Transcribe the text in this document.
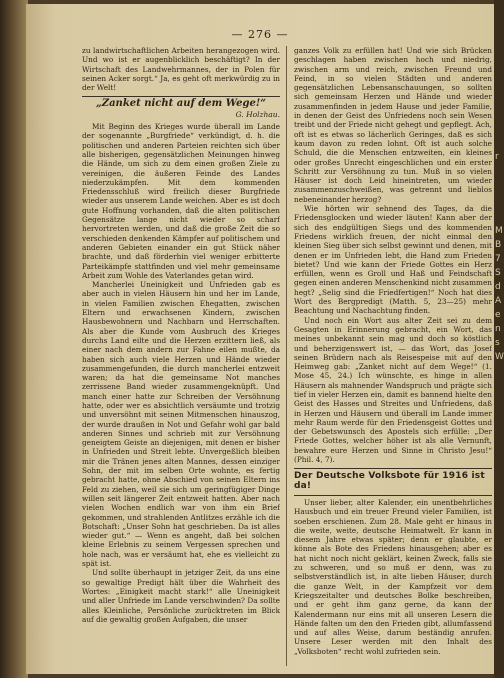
— 276 —

zu landwirtschaftlichen Arbeiten herangezogen wird. Und wo ist er augenblicklich beschäftigt? In der Wirtschaft des Landwehrmannes, der in Polen für seinen Acker sorgt.“ Ja, es geht oft merkwürdig zu in der Welt!

„Zanket nicht auf dem Wege!“
G. Holzhau.

Mit Beginn des Krieges wurde überall im Lande der sogenannte „Burgfriede“ verkündigt, d. h. die politischen und anderen Parteien reichten sich über alle bisherigen, gegensätzlichen Meinungen hinweg die Hände, um sich zu dem einen großen Ziele zu vereinigen, die äußeren Feinde des Landes niederzukämpfen. Mit dem kommenden Friedensschluß wird freilich dieser Burgfriede wieder aus unserem Lande weichen. Aber es ist doch gute Hoffnung vorhanden, daß die alten politischen Gegensätze lange nicht wieder so scharf hervortreten werden, und daß die große Zeit die so verschieden denkenden Kämpfer auf politischem und anderen Gebieten einander ein gut Stück näher brachte, und daß förderhin viel weniger erbitterte Parteikämpfe stattfinden und viel mehr gemeinsame Arbeit zum Wohle des Vaterlandes getan wird.

Mancherlei Uneinigkeit und Unfrieden gab es aber auch in vielen Häusern hin und her im Lande, in vielen Familien zwischen Ehegatten, zwischen Eltern und erwachsenen Kindern, zwischen Hausbewohnern und Nachbarn und Herrschaften. Als aber die Kunde vom Ausbruch des Krieges durchs Land eilte und die Herzen erzittern ließ, als einer nach dem andern zur Fahne eilen mußte, da haben sich auch viele Herzen und Hände wieder zusammengefunden, die durch mancherlei entzweit waren; da hat die gemeinsame Not manches zerrissene Band wieder zusammengeknüpft. Und manch einer hatte zur Schreiben der Versöhnung hatte, oder wer es absichtlich versäumte und trotzig und unversöhnt mit seinen Mitmenschen hinauszog, der wurde draußen in Not und Gefahr wohl gar bald anderen Sinnes und schrieb mit zur Versöhnung geneigtem Geiste an diejenigen, mit denen er bisher in Unfrieden und Streit lebte. Unvergeßlich bleiben mir die Tränen jenes alten Mannes, dessen einziger Sohn, der mit im selben Orte wohnte, es fertig gebracht hatte, ohne Abschied von seinen Eltern ins Feld zu ziehen, weil sie sich um geringfügiger Dinge willen seit längerer Zeit entzweit hatten. Aber nach vielen Wochen endlich war von ihm ein Brief gekommen, und strahlenden Antlitzes erzähle ich die Botschaft: „Unser Sohn hat geschrieben. Da ist alles wieder gut.“ — Wenn es angeht, daß bei solchen kleine Erlebnis zu seinem Vergessen sprechen und hole nach, was er versäumt hat, ehe es vielleicht zu spät ist.

Und sollte überhaupt in jetziger Zeit, da uns eine so gewaltige Predigt hält über die Wahrheit des Wortes: „Einigkeit macht stark!“ alle Uneinigkeit und aller Unfriede im Lande verschwinden? Da sollte alles Kleinliche, Persönliche zurücktreten im Blick auf die gewaltig großen Aufgaben, die unser

ganzes Volk zu erfüllen hat! Und wie sich Brücken geschlagen haben zwischen hoch und niedrig, zwischen arm und reich, zwischen Freund und Feind, in so vielen Städten und anderen gegensätzlichen Lebensanschauungen, so sollten sich gemeinsam Herzen und Hände und wieder zusammenfinden in jedem Hause und jeder Familie, in denen der Geist des Unfriedens noch sein Wesen treibt und der Friede nicht gehegt und gepflegt. Ach, oft ist es etwas so lächerlich Geringes, daß es sich kaum davon zu reden lohnt. Oft ist auch solche Schuld, die die Menschen entzweiten, ein kleines oder großes Unrecht eingeschlichen und ein erster Schritt zur Versöhnung zu tun. Muß in so vielen Häuser ist doch Leid hineintreten, um wieder zusammenzuschweißen, was getrennt und lieblos nebeneinander herzog?

Wie hörten wir sehnend des Tages, da die Friedensglocken und wieder läuten! Kann aber der sich des endgültigen Siegs und des kommenden Friedens wirklich freuen, der nicht einmal den kleinen Sieg über sich selbst gewinnt und denen, mit denen er im Unfrieden lebt, die Hand zum Frieden bietet? Und wie kann der Friede Gottes ein Herz erfüllen, wenn es Groll und Haß und Feindschaft gegen einen anderen Menschenkind nicht zusammen hegt? „Selig sind die Friedfertigen!“ Noch hat dies Wort des Bergpredigt (Matth. 5, 23—25) mehr Beachtung und Nachachtung finden.

Und noch ein Wort aus alter Zeit sei zu dem Gesagten in Erinnerung gebracht, ein Wort, das meines unbekannt sein mag und doch so köstlich und beherzigenswert ist, — das Wort, das Josef seinen Brüdern nach als Reisespeise mit auf den Heimweg gab: „Zanket nicht auf dem Wege!“ (1. Mose 45, 24.) Ich wünschte, es hinge in allen Häusern als mahnender Wandspruch und prägte sich tief in vieler Herzen ein, damit es bannend hielte den Geist des Hasses und Streites und Unfriedens, daß in Herzen und Häusern und überall im Lande immer mehr Raum werde für den Friedensgeist Gottes und der Gebetswunsch des Apostels sich erfülle: „Der Friede Gottes, welcher höher ist als alle Vernunft, bewahre eure Herzen und Sinne in Christo Jesu!“ (Phil. 4, 7).

Der Deutsche Volksbote für 1916 ist da!

Unser lieber, alter Kalender, ein unentbehrliches Hausbuch und ein treuer Freund vieler Familien, ist soeben erschienen. Zum 28. Male geht er hinaus in die weite, weite, deutsche Heimatwelt. Er kann in diesem Jahre etwas später; denn er glaubte, er könne als Bote des Friedens hinausgehen; aber es hat nicht noch nicht geklärt, keinen Zweck, falls sie zu schweren, und so muß er denn, was zu selbstverständlich ist, in alte lieben Häuser, durch die ganze Welt, in der Kampfzeit vor dem Kriegszeitalter und deutsches Bolke beschreiben, und er geht ihm ganz gerne, da kann der Kalendermann nur eins mit all unseren Lesern die Hände falten um den den Frieden gibt, allumfassend und auf alles Weise, darum beständig anrufen. Unsere Leser werden mit den Inhalt des „Volksboten“ recht wohl zufrieden sein.

r
M
B
7
S
d
A
e
n
s
W
